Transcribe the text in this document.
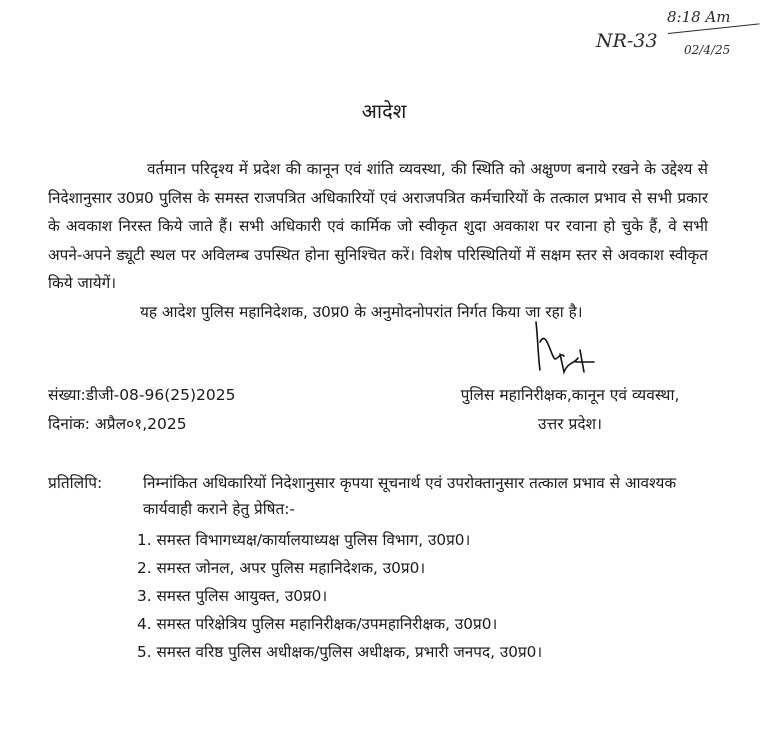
8:18 Am
NR-33 02/4/25
आदेश

वर्तमान परिदृश्य में प्रदेश की कानून एवं शांति व्यवस्था, की स्थिति को अक्षुण्ण बनाये रखने के उद्देश्य से निदेशानुसार उ0प्र0 पुलिस के समस्त राजपत्रित अधिकारियों एवं अराजपत्रित कर्मचारियों के तत्काल प्रभाव से सभी प्रकार के अवकाश निरस्त किये जाते हैं। सभी अधिकारी एवं कार्मिक जो स्वीकृत शुदा अवकाश पर रवाना हो चुके हैं, वे सभी अपने-अपने ड्यूटी स्थल पर अविलम्ब उपस्थित होना सुनिश्चित करें। विशेष परिस्थितियों में सक्षम स्तर से अवकाश स्वीकृत किये जायेगें।

यह आदेश पुलिस महानिदेशक, उ0प्र0 के अनुमोदनोपरांत निर्गत किया जा रहा है।

संख्या:डीजी-08-96(25)2025
दिनांक: अप्रैल०१,2025
पुलिस महानिरीक्षक,कानून एवं व्यवस्था,
उत्तर प्रदेश।
प्रतिलिपि:	निम्नांकित अधिकारियों निदेशानुसार कृपया सूचनार्थ एवं उपरोक्तानुसार तत्काल प्रभाव से आवश्यक कार्यवाही कराने हेतु प्रेषित:-
1. समस्त विभागध्यक्ष/कार्यालयाध्यक्ष पुलिस विभाग, उ0प्र0।
2. समस्त जोनल, अपर पुलिस महानिदेशक, उ0प्र0।
3. समस्त पुलिस आयुक्त, उ0प्र0।
4. समस्त परिक्षेत्रिय पुलिस महानिरीक्षक/उपमहानिरीक्षक, उ0प्र0।
5. समस्त वरिष्ठ पुलिस अधीक्षक/पुलिस अधीक्षक, प्रभारी जनपद, उ0प्र0।
